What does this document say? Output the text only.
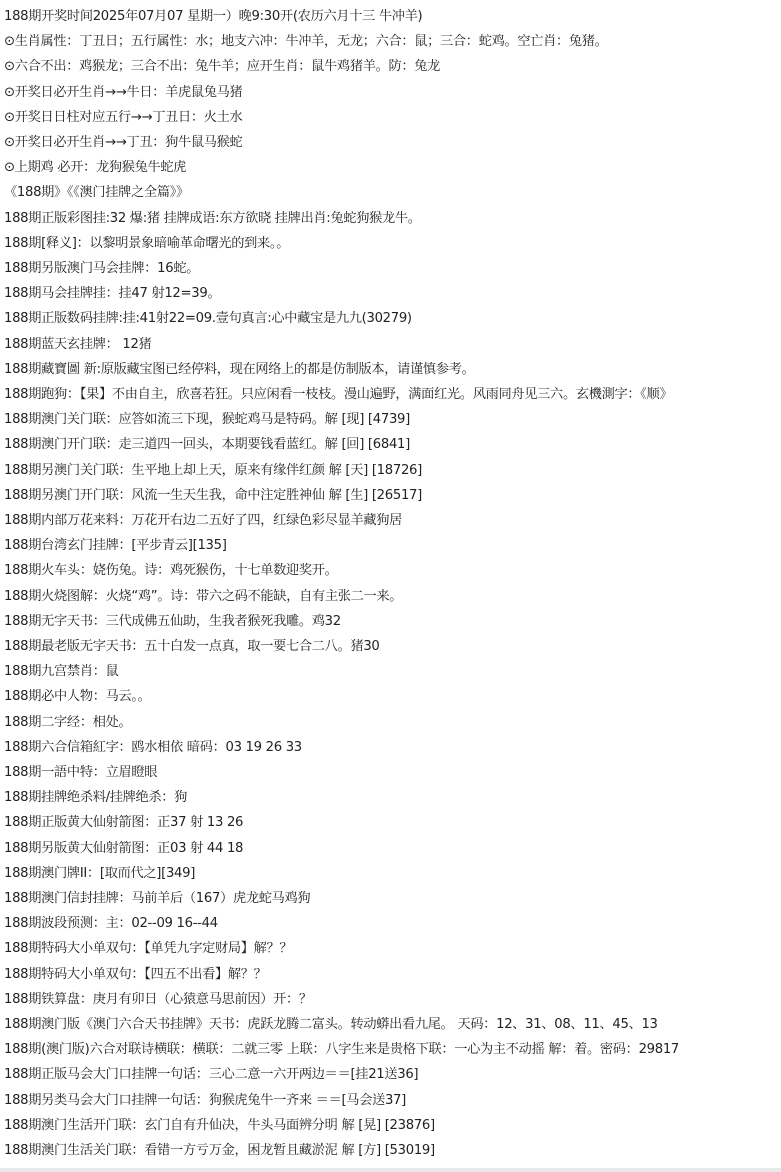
188期开奖时间2025年07月07 星期一）晚9:30开(农历六月十三 牛冲羊)
⊙生肖属性：丁丑日；五行属性：水；地支六冲：牛冲羊，无龙；六合：鼠；三合：蛇鸡。空亡肖：兔猪。
⊙六合不出：鸡猴龙；三合不出：兔牛羊；应开生肖：鼠牛鸡猪羊。防：兔龙
⊙开奖日必开生肖→→牛日：羊虎鼠兔马猪
⊙开奖日日柱对应五行→→丁丑日：火土水
⊙开奖日必开生肖→→丁丑：狗牛鼠马猴蛇
⊙上期鸡 必开：龙狗猴兔牛蛇虎
《188期》《《澳门挂牌之全篇》》
188期正版彩图挂:32 爆:猪 挂牌成语:东方欲晓 挂牌出肖:兔蛇狗猴龙牛。
188期[释义]：以黎明景象暗喻革命曙光的到来。。
188期另版澳门马会挂牌：16蛇。
188期马会挂牌挂：挂47 射12=39。
188期正版数码挂牌:挂:41射22=09.壹句真言:心中藏宝是九九(30279)
188期蓝天玄挂牌： 12猪
188期藏寶圖 新:原版藏宝图已经停料，现在网络上的都是仿制版本，请谨慎参考。
188期跑狗：【果】不由自主，欣喜若狂。只应闲看一枝枝。漫山遍野，满面红光。风雨同舟见三六。玄機測字：《顺》
188期澳门关门联：应答如流三下现，猴蛇鸡马是特码。解 [现] [4739]
188期澳门开门联：走三道四一回头，本期要钱看蓝红。解 [回] [6841]
188期另澳门关门联：生平地上却上天，原来有缘伴红颜 解 [天] [18726]
188期另澳门开门联：风流一生天生我，命中注定胜神仙 解 [生] [26517]
188期内部万花来料：万花开右边二五好了四，红绿色彩尽显羊藏狗居
188期台湾玄门挂牌：[平步青云][135]
188期火车头：娆伤兔。诗：鸡死猴伤，十七单数迎奖开。
188期火烧图解：火烧“鸡”。诗：带六之码不能缺，自有主张二一来。
188期无字天书：三代成佛五仙助，生我者猴死我雕。鸡32
188期最老版无字天书：五十白发一点真，取一要七合二八。猪30
188期九宫禁肖：鼠
188期必中人物：马云。。
188期二字经：相处。
188期六合信箱紅字：鸥水相依 暗码：03 19 26 33
188期一語中特：立眉瞪眼
188期挂牌绝杀料/挂牌绝杀：狗
188期正版黄大仙射箭图：正37 射 13 26
188期另版黄大仙射箭图：正03 射 44 18
188期澳门牌II：[取而代之][349]
188期澳门信封挂牌：马前羊后（167）虎龙蛇马鸡狗
188期波段预测：主：02--09 16--44
188期特码大小单双句：【单凭九字定财局】解？？
188期特码大小单双句：【四五不出看】解？？
188期铁算盘：庚月有卯日（心猿意马思前因）开：？
188期澳门版《澳门六合天书挂牌》天书：虎跃龙腾二富头。转动蟒出看九尾。 天码：12、31、08、11、45、13
188期(澳门版)六合对联诗横联：横联：二就三零 上联：八字生来是贵格下联：一心为主不动摇 解：着。密码：29817
188期正版马会大门口挂牌一句话：三心二意一六开两边＝＝[挂21送36]
188期另类马会大门口挂牌一句话：狗猴虎兔牛一齐来 ＝＝[马会送37]
188期澳门生活开门联：玄门自有升仙决，牛头马面辨分明 解 [晃] [23876]
188期澳门生活关门联：看错一方亏万金，困龙暂且藏淤泥 解 [方] [53019]
